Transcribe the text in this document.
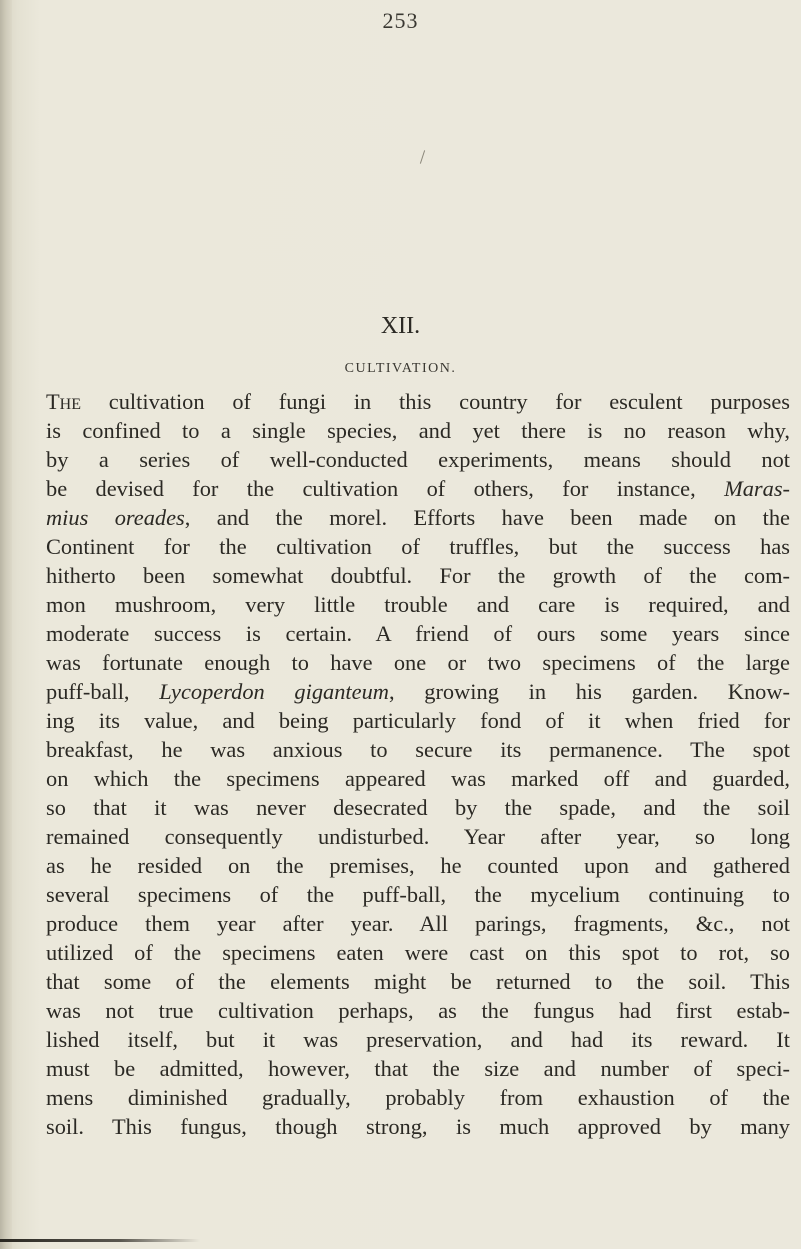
253
XII.
CULTIVATION.
The cultivation of fungi in this country for esculent purposes
is confined to a single species, and yet there is no reason why,
by a series of well-conducted experiments, means should not
be devised for the cultivation of others, for instance, Maras-
mius oreades, and the morel. Efforts have been made on the
Continent for the cultivation of truffles, but the success has
hitherto been somewhat doubtful. For the growth of the com-
mon mushroom, very little trouble and care is required, and
moderate success is certain. A friend of ours some years since
was fortunate enough to have one or two specimens of the large
puff-ball, Lycoperdon giganteum, growing in his garden. Know-
ing its value, and being particularly fond of it when fried for
breakfast, he was anxious to secure its permanence. The spot
on which the specimens appeared was marked off and guarded,
so that it was never desecrated by the spade, and the soil
remained consequently undisturbed. Year after year, so long
as he resided on the premises, he counted upon and gathered
several specimens of the puff-ball, the mycelium continuing to
produce them year after year. All parings, fragments, &c., not
utilized of the specimens eaten were cast on this spot to rot, so
that some of the elements might be returned to the soil. This
was not true cultivation perhaps, as the fungus had first estab-
lished itself, but it was preservation, and had its reward. It
must be admitted, however, that the size and number of speci-
mens diminished gradually, probably from exhaustion of the
soil. This fungus, though strong, is much approved by many
